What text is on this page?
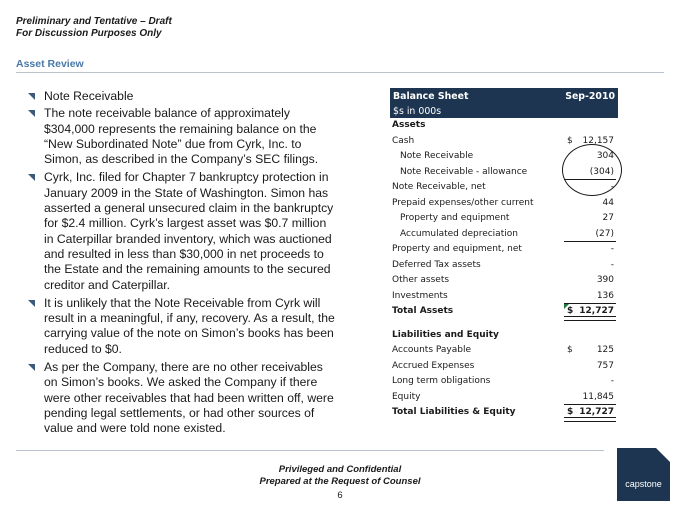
Preliminary and Tentative – Draft
For Discussion Purposes Only
Asset Review
Note Receivable
The note receivable balance of approximately $304,000 represents the remaining balance on the “New Subordinated Note” due from Cyrk, Inc. to Simon, as described in the Company’s SEC filings.
Cyrk, Inc. filed for Chapter 7 bankruptcy protection in January 2009 in the State of Washington. Simon has asserted a general unsecured claim in the bankruptcy for $2.4 million. Cyrk’s largest asset was $0.7 million in Caterpillar branded inventory, which was auctioned and resulted in less than $30,000 in net proceeds to the Estate and the remaining amounts to the secured creditor and Caterpillar.
It is unlikely that the Note Receivable from Cyrk will result in a meaningful, if any, recovery. As a result, the carrying value of the note on Simon’s books has been reduced to $0.
As per the Company, there are no other receivables on Simon’s books. We asked the Company if there were other receivables that had been written off, were pending legal settlements, or had other sources of value and were told none existed.
Balance Sheet	Sep-2010
$s in 000s
Assets
Cash	$ 12,157
Note Receivable	304
Note Receivable - allowance	(304)
Note Receivable, net	-
Prepaid expenses/other current	44
Property and equipment	27
Accumulated depreciation	(27)
Property and equipment, net	-
Deferred Tax assets	-
Other assets	390
Investments	136
Total Assets	$ 12,727
Liabilities and Equity
Accounts Payable	$	125
Accrued Expenses	757
Long term obligations	-
Equity	11,845
Total Liabilities & Equity	$ 12,727
Privileged and Confidential
Prepared at the Request of Counsel
6
capstone
